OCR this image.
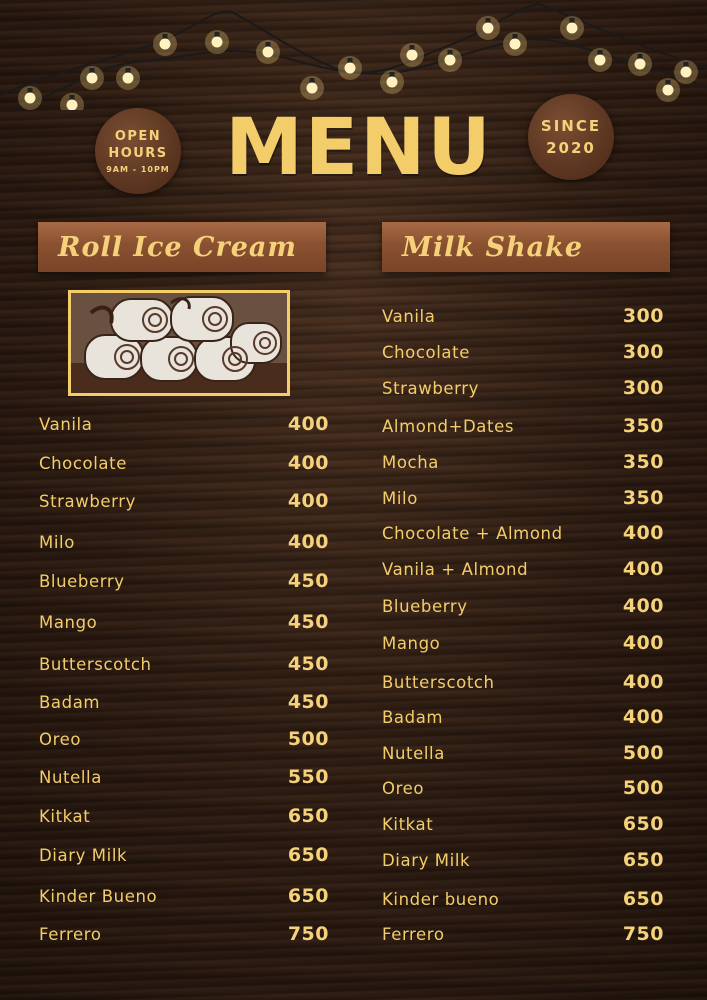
OPEN
HOURS
9AM - 10PM MENU	SINCE
2020
Roll Ice Cream	Milk Shake
Vanila	400
Chocolate	400
Strawberry	400
Milo	400
Blueberry	450
Mango	450
Butterscotch	450
Badam	450
Oreo	500
Nutella	550
Kitkat	650
Diary Milk	650
Kinder Bueno	650
Ferrero	750
Vanila	300
Chocolate	300
Strawberry	300
Almond+Dates	350
Mocha	350
Milo	350
Chocolate + Almond	400
Vanila + Almond	400
Blueberry	400
Mango	400
Butterscotch	400
Badam	400
Nutella	500
Oreo	500
Kitkat	650
Diary Milk	650
Kinder bueno	650
Ferrero	750
